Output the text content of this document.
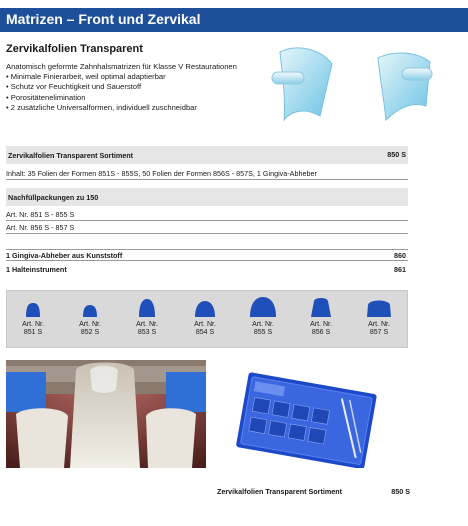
Matrizen – Front und Zervikal
Zervikalfolien Transparent
Anatomisch geformte Zahnhalsmatrizen für Klasse V Restaurationen
• Minimale Finierarbeit, weil optimal adaptierbar
• Schutz vor Feuchtigkeit und Sauerstoff
• Porositätenelimination
• 2 zusätzliche Universalformen, individuell zuschneidbar
Zervikalfolien Transparent Sortiment	850 S
Inhalt: 35 Folien der Formen 851S - 855S, 50 Folien der Formen 856S - 857S, 1 Gingiva-Abheber
Nachfüllpackungen zu 150
Art. Nr. 851 S - 855 S
Art. Nr. 856 S - 857 S
1 Gingiva-Abheber aus Kunststoff	860
1 Halteinstrument	861
Art. Nr.
851 S
Art. Nr.
852 S
Art. Nr.
853 S
Art. Nr.
854 S
Art. Nr.
855 S
Art. Nr.
856 S
Art. Nr.
857 S
Zervikalfolien Transparent Sortiment	850 S
